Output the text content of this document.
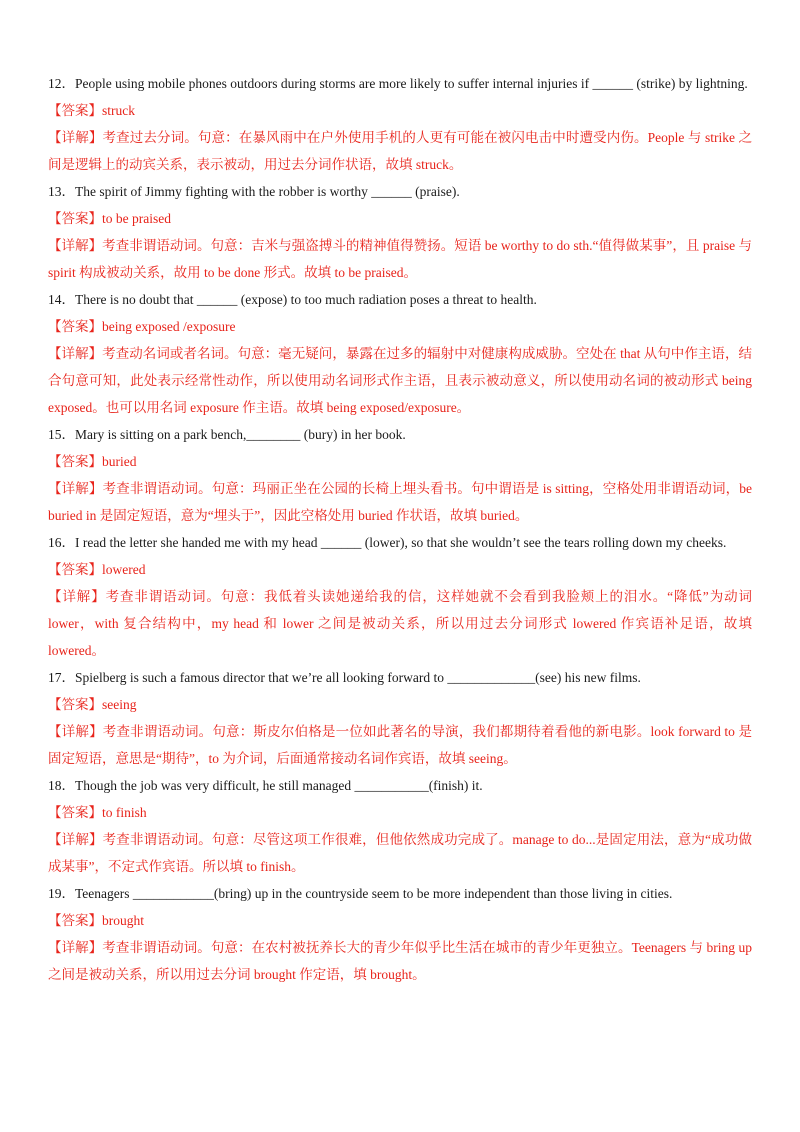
12．People using mobile phones outdoors during storms are more likely to suffer internal injuries if ______ (strike) by lightning.

【答案】struck

【详解】考查过去分词。句意：在暴风雨中在户外使用手机的人更有可能在被闪电击中时遭受内伤。People 与 strike 之间是逻辑上的动宾关系，表示被动，用过去分词作状语，故填 struck。

13．The spirit of Jimmy fighting with the robber is worthy ______ (praise).

【答案】to be praised

【详解】考查非谓语动词。句意：吉米与强盗搏斗的精神值得赞扬。短语 be worthy to do sth.“值得做某事”，且 praise 与 spirit 构成被动关系，故用 to be done 形式。故填 to be praised。

14．There is no doubt that ______ (expose) to too much radiation poses a threat to health.

【答案】being exposed /exposure

【详解】考查动名词或者名词。句意：毫无疑问，暴露在过多的辐射中对健康构成威胁。空处在 that 从句中作主语，结合句意可知，此处表示经常性动作，所以使用动名词形式作主语，且表示被动意义，所以使用动名词的被动形式 being exposed。也可以用名词 exposure 作主语。故填 being exposed/exposure。

15．Mary is sitting on a park bench,________ (bury) in her book.

【答案】buried

【详解】考查非谓语动词。句意：玛丽正坐在公园的长椅上埋头看书。句中谓语是 is sitting，空格处用非谓语动词，be buried in 是固定短语，意为“埋头于”，因此空格处用 buried 作状语，故填 buried。

16．I read the letter she handed me with my head ______ (lower), so that she wouldn’t see the tears rolling down my cheeks.

【答案】lowered

【详解】考查非谓语动词。句意：我低着头读她递给我的信，这样她就不会看到我脸颊上的泪水。“降低”为动词 lower，with 复合结构中，my head 和 lower 之间是被动关系，所以用过去分词形式 lowered 作宾语补足语，故填 lowered。

17．Spielberg is such a famous director that we’re all looking forward to _____________(see) his new films.

【答案】seeing

【详解】考查非谓语动词。句意：斯皮尔伯格是一位如此著名的导演，我们都期待着看他的新电影。look forward to 是固定短语，意思是“期待”，to 为介词，后面通常接动名词作宾语，故填 seeing。

18．Though the job was very difficult, he still managed ___________(finish) it.

【答案】to finish

【详解】考查非谓语动词。句意：尽管这项工作很难，但他依然成功完成了。manage to do...是固定用法，意为“成功做成某事”，不定式作宾语。所以填 to finish。

19．Teenagers ____________(bring) up in the countryside seem to be more independent than those living in cities.

【答案】brought

【详解】考查非谓语动词。句意：在农村被抚养长大的青少年似乎比生活在城市的青少年更独立。Teenagers 与 bring up 之间是被动关系，所以用过去分词 brought 作定语，填 brought。
